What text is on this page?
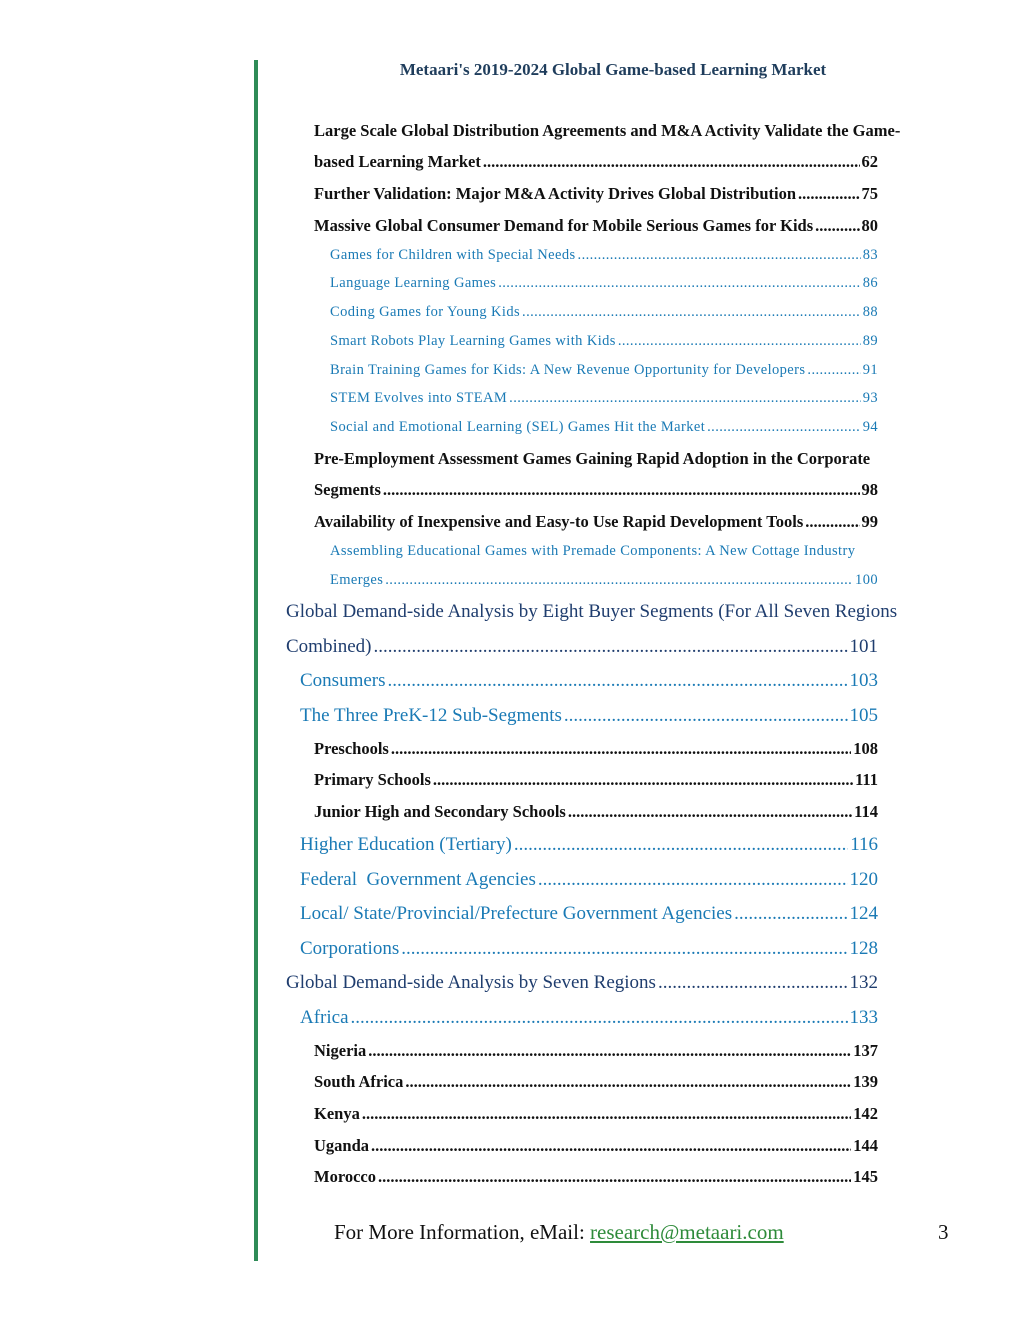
Metaari's 2019-2024 Global Game-based Learning Market
Large Scale Global Distribution Agreements and M&A Activity Validate the Game-
based Learning Market .....	62
Further Validation: Major M&A Activity Drives Global Distribution .....	75
Massive Global Consumer Demand for Mobile Serious Games for Kids .....	80
Games for Children with Special Needs .....	83
Language Learning Games .....	86
Coding Games for Young Kids .....	88
Smart Robots Play Learning Games with Kids .....	89
Brain Training Games for Kids: A New Revenue Opportunity for Developers .....	91
STEM Evolves into STEAM .....	93
Social and Emotional Learning (SEL) Games Hit the Market .....	94
Pre-Employment Assessment Games Gaining Rapid Adoption in the Corporate
Segments .....	98
Availability of Inexpensive and Easy-to Use Rapid Development Tools .....	99
Assembling Educational Games with Premade Components: A New Cottage Industry
Emerges .....	100
Global Demand-side Analysis by Eight Buyer Segments (For All Seven Regions
Combined) .....	101
Consumers .....	103
The Three PreK-12 Sub-Segments .....	105
Preschools .....	108
Primary Schools .....	111
Junior High and Secondary Schools .....	114
Higher Education (Tertiary) .....	116
Federal  Government Agencies .....	120
Local/ State/Provincial/Prefecture Government Agencies .....	124
Corporations .....	128
Global Demand-side Analysis by Seven Regions .....	132
Africa .....	133
Nigeria .....	137
South Africa .....	139
Kenya .....	142
Uganda .....	144
Morocco .....	145
For More Information, eMail: research@metaari.com	3
